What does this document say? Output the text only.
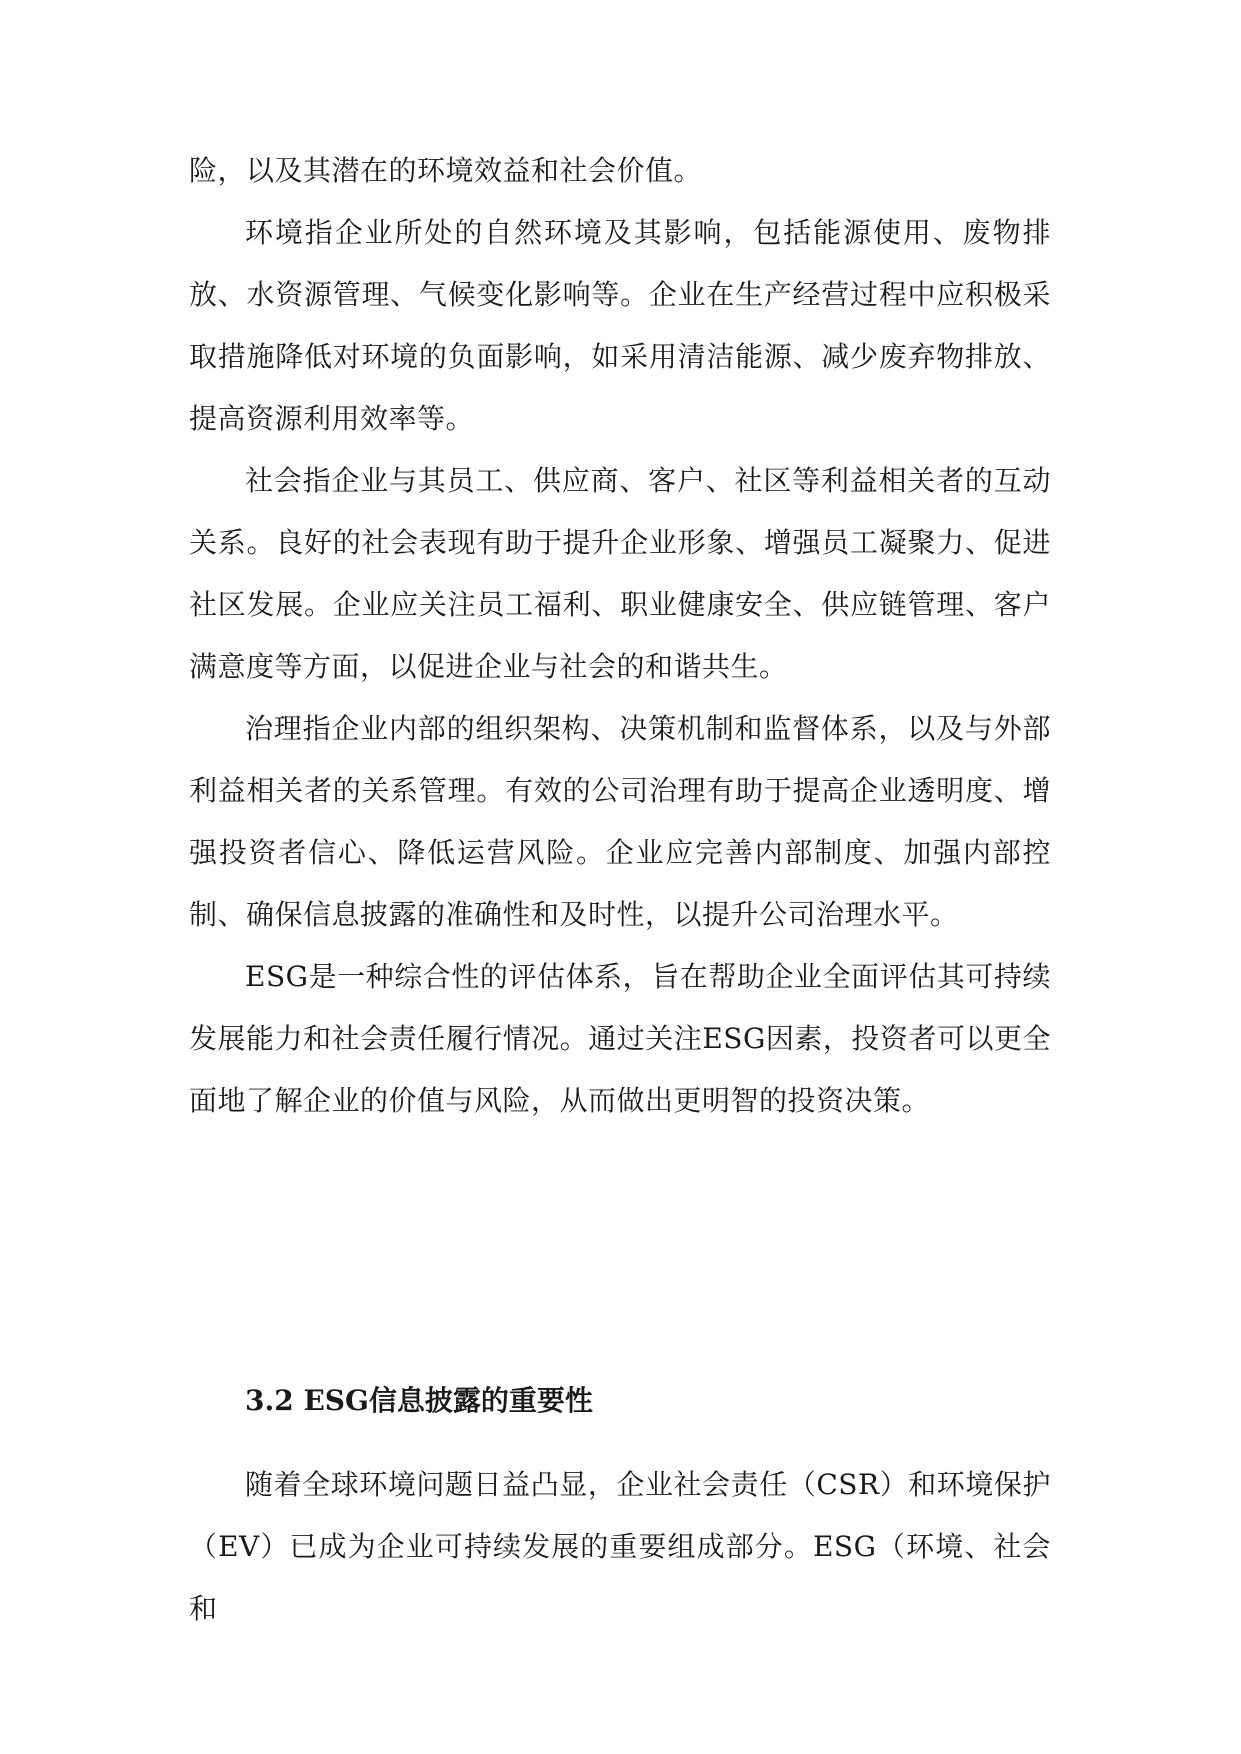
险，以及其潜在的环境效益和社会价值。

环境指企业所处的自然环境及其影响，包括能源使用、废物排放、水资源管理、气候变化影响等。企业在生产经营过程中应积极采取措施降低对环境的负面影响，如采用清洁能源、减少废弃物排放、提高资源利用效率等。

社会指企业与其员工、供应商、客户、社区等利益相关者的互动关系。良好的社会表现有助于提升企业形象、增强员工凝聚力、促进社区发展。企业应关注员工福利、职业健康安全、供应链管理、客户满意度等方面，以促进企业与社会的和谐共生。

治理指企业内部的组织架构、决策机制和监督体系，以及与外部利益相关者的关系管理。有效的公司治理有助于提高企业透明度、增强投资者信心、降低运营风险。企业应完善内部制度、加强内部控制、确保信息披露的准确性和及时性，以提升公司治理水平。

ESG是一种综合性的评估体系，旨在帮助企业全面评估其可持续发展能力和社会责任履行情况。通过关注ESG因素，投资者可以更全面地了解企业的价值与风险，从而做出更明智的投资决策。

3.2 ESG信息披露的重要性

随着全球环境问题日益凸显，企业社会责任（CSR）和环境保护（EV）已成为企业可持续发展的重要组成部分。ESG（环境、社会和
